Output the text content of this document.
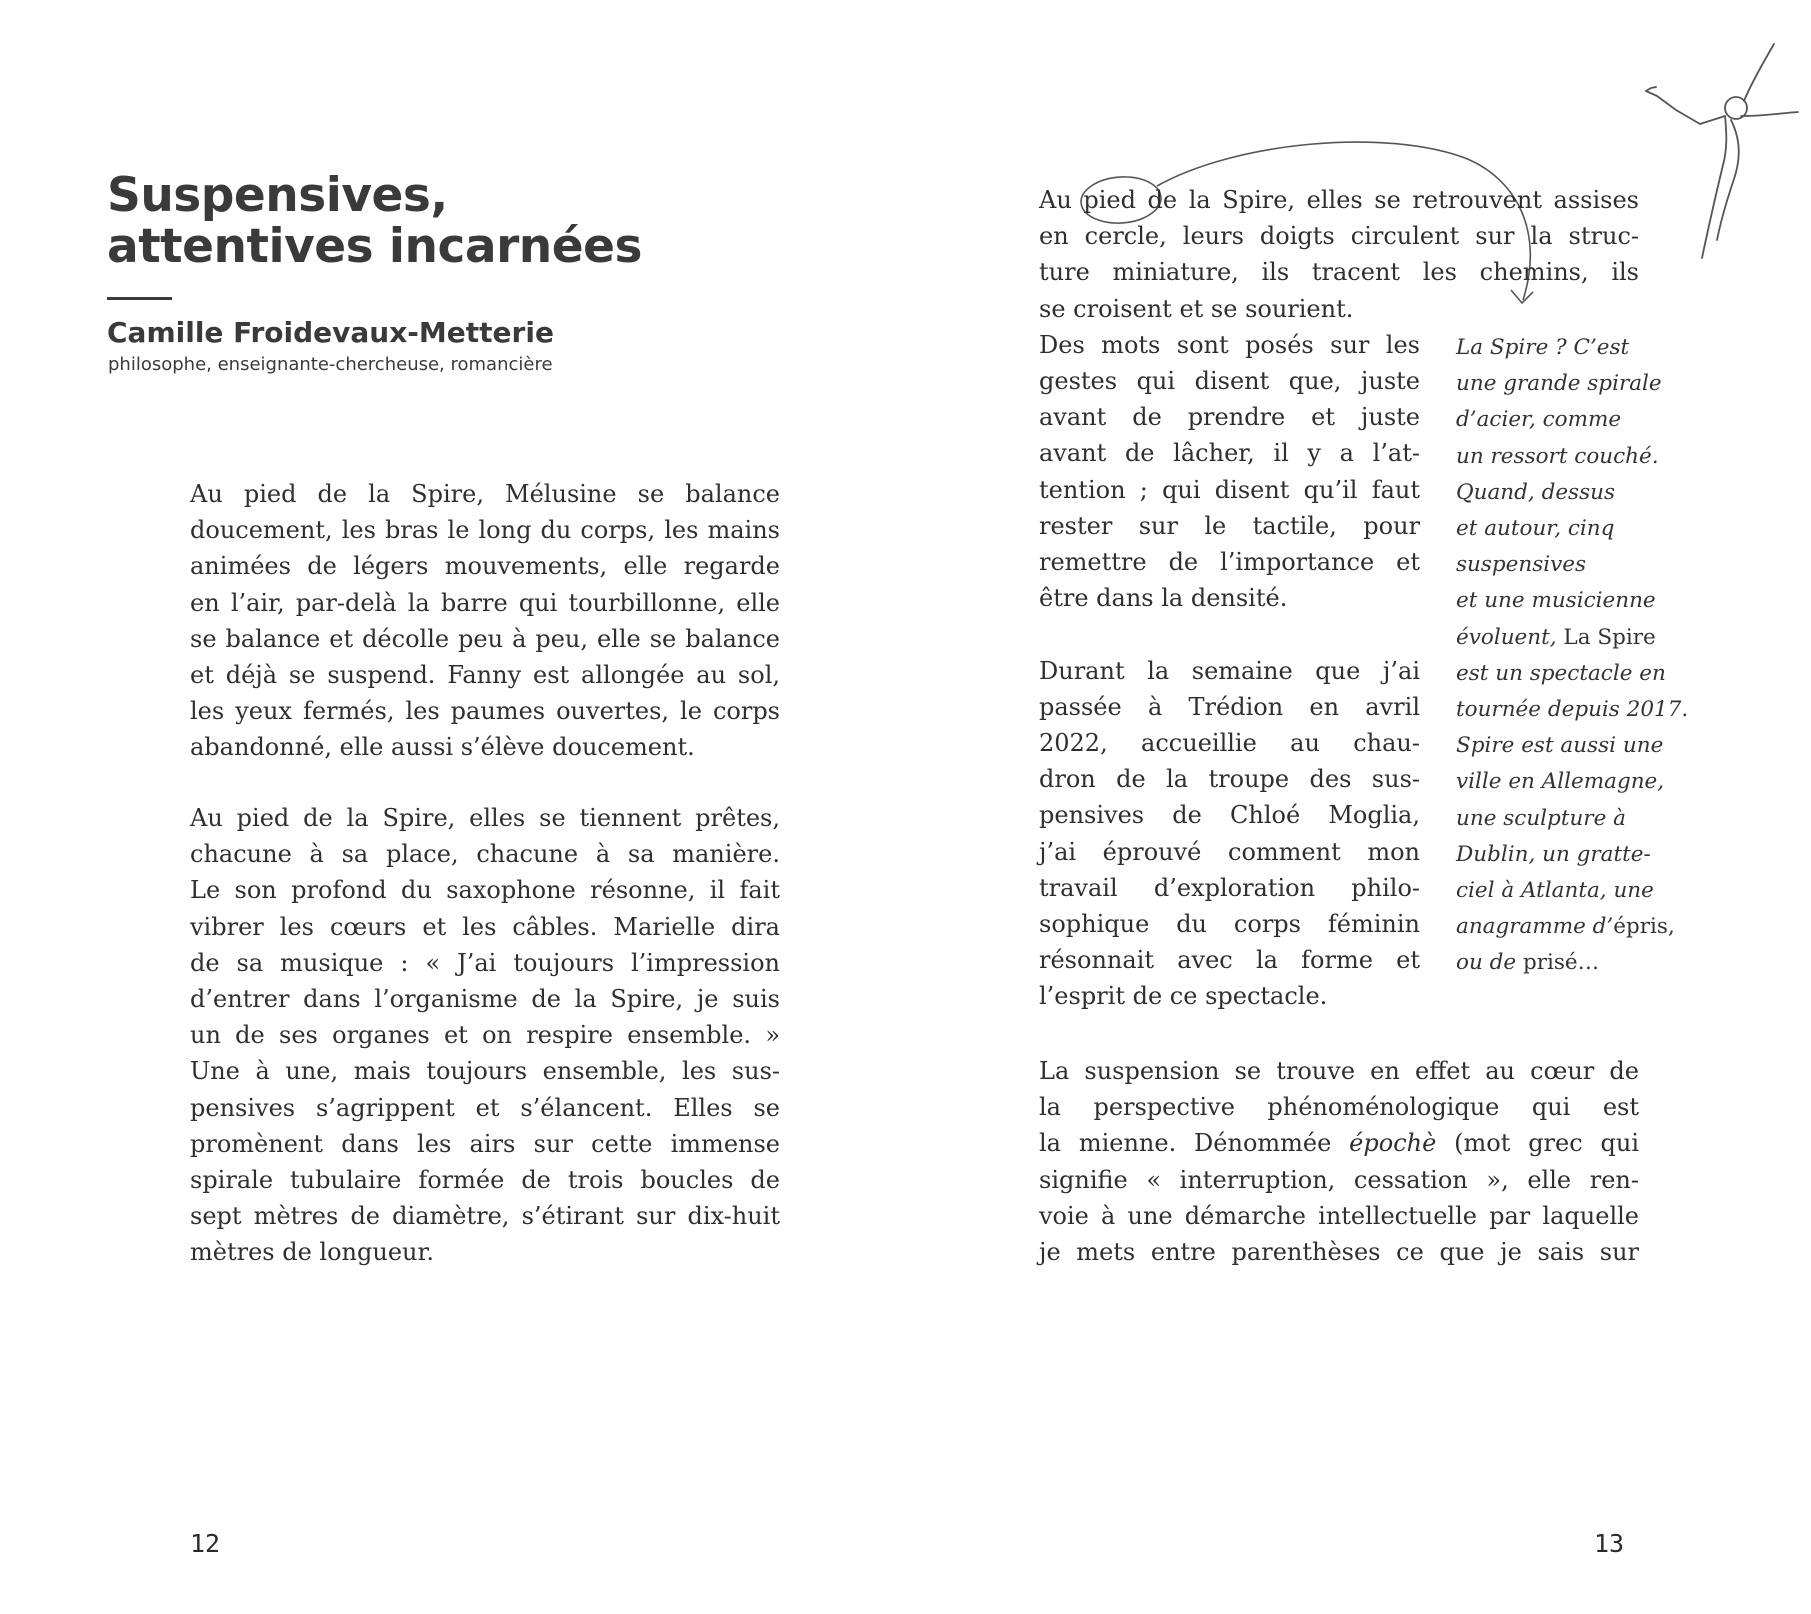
Suspensives,
attentives incarnées
Camille Froidevaux-Metterie
philosophe, enseignante-chercheuse, romancière

Au pied de la Spire, Mélusine se balance
doucement, les bras le long du corps, les mains
animées de légers mouvements, elle regarde
en l’air, par-delà la barre qui tourbillonne, elle
se balance et décolle peu à peu, elle se balance
et déjà se suspend. Fanny est allongée au sol,
les yeux fermés, les paumes ouvertes, le corps
abandonné, elle aussi s’élève doucement.

Au pied de la Spire, elles se tiennent prêtes,
chacune à sa place, chacune à sa manière.
Le son profond du saxophone résonne, il fait
vibrer les cœurs et les câbles. Marielle dira
de sa musique : « J’ai toujours l’impression
d’entrer dans l’organisme de la Spire, je suis
un de ses organes et on respire ensemble. »
Une à une, mais toujours ensemble, les sus-
pensives s’agrippent et s’élancent. Elles se
promènent dans les airs sur cette immense
spirale tubulaire formée de trois boucles de
sept mètres de diamètre, s’étirant sur dix-huit
mètres de longueur.

12

Au pied de la Spire, elles se retrouvent assises
en cercle, leurs doigts circulent sur la struc-
ture miniature, ils tracent les chemins, ils

se croisent et se sourient.
Des mots sont posés sur les
gestes qui disent que, juste
avant de prendre et juste
avant de lâcher, il y a l’at-
tention ; qui disent qu’il faut
rester sur le tactile, pour
remettre de l’importance et
être dans la densité.

Durant la semaine que j’ai
passée à Trédion en avril
2022, accueillie au chau-
dron de la troupe des sus-
pensives de Chloé Moglia,
j’ai éprouvé comment mon
travail d’exploration philo-
sophique du corps féminin
résonnait avec la forme et
l’esprit de ce spectacle.

La Spire ? C’est
une grande spirale
d’acier, comme
un ressort couché.
Quand, dessus
et autour, cinq
suspensives
et une musicienne
évoluent, La Spire
est un spectacle en
tournée depuis 2017.
Spire est aussi une
ville en Allemagne,
une sculpture à
Dublin, un gratte-
ciel à Atlanta, une
anagramme d’épris,
ou de prisé…

La suspension se trouve en effet au cœur de
la perspective phénoménologique qui est
la mienne. Dénommée épochè (mot grec qui
signifie « interruption, cessation », elle ren-
voie à une démarche intellectuelle par laquelle
je mets entre parenthèses ce que je sais sur

13
